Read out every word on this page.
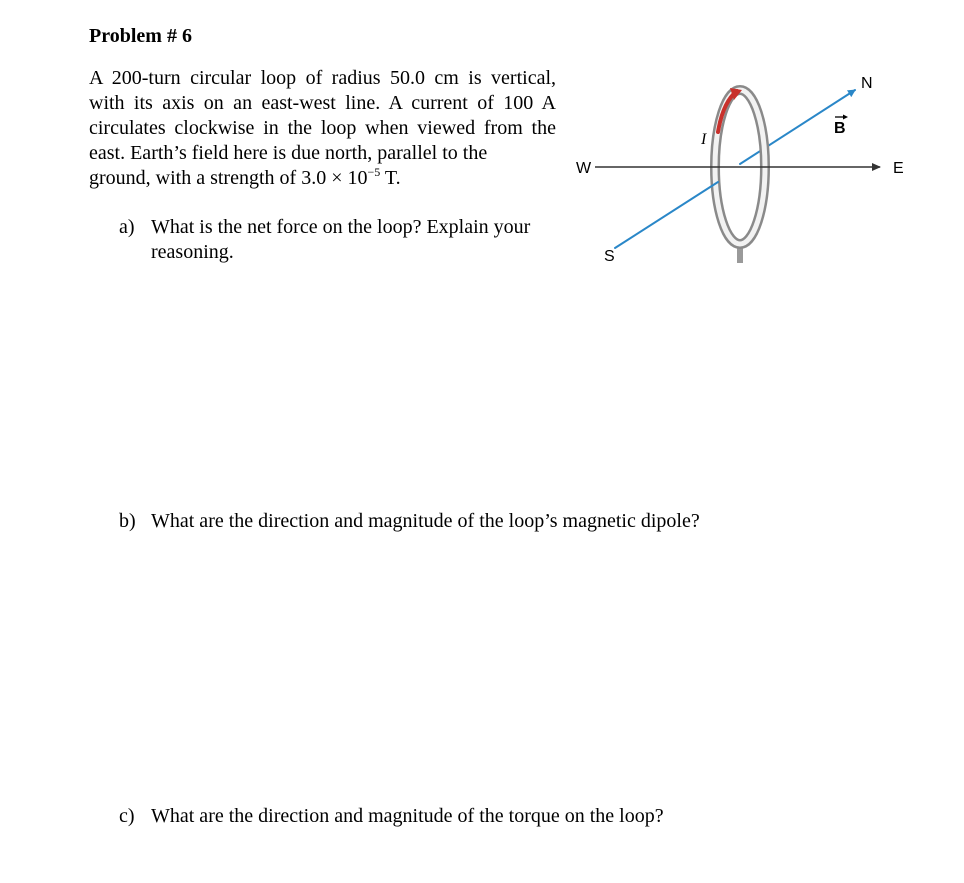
Problem # 6
A 200-turn circular loop of radius 50.0 cm is vertical, with its axis on an east-west line. A current of 100 A circulates clockwise in the loop when viewed from the east. Earth’s field here is due north, parallel to the
ground, with a strength of $3.0 \times 10^{-5}$ T.
a) What is the net force on the loop? Explain your
reasoning.
b) What are the direction and magnitude of the loop’s magnetic dipole?
c) What are the direction and magnitude of the torque on the loop?
W	E
N
S
I
B
